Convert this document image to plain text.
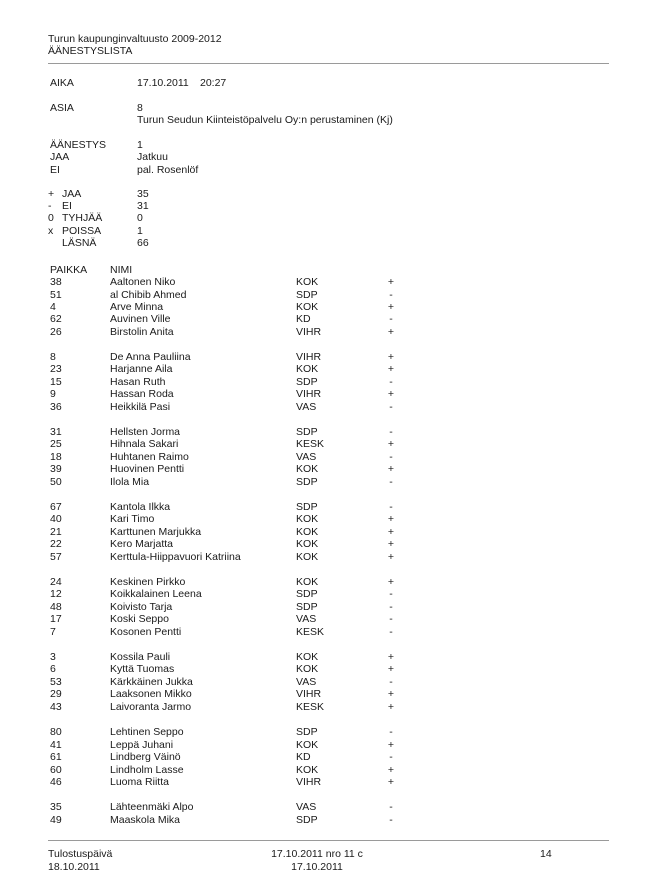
Turun kaupunginvaltuusto 2009-2012
ÄÄNESTYSLISTA
AIKA	17.10.2011 20:27
ASIA	8
Turun Seudun Kiinteistöpalvelu Oy:n perustaminen (Kj)
ÄÄNESTYS	1
JAA	Jatkuu
EI	pal. Rosenlöf
+ JAA	35
-	EI	31
0 TYHJÄÄ	0
x POISSA	1
LÄSNÄ	66
PAIKKA NIMI
38	Aaltonen Niko	KOK	+
51	al Chibib Ahmed	SDP	-
4	Arve Minna	KOK	+
62	Auvinen Ville	KD	-
26	Birstolin Anita	VIHR	+
8	De Anna Pauliina	VIHR	+
23	Harjanne Aila	KOK	+
15	Hasan Ruth	SDP	-
9	Hassan Roda	VIHR	+
36	Heikkilä Pasi	VAS	-
31	Hellsten Jorma	SDP	-
25	Hihnala Sakari	KESK	+
18	Huhtanen Raimo	VAS	-
39	Huovinen Pentti	KOK	+
50	Ilola Mia	SDP	-
67	Kantola Ilkka	SDP	-
40	Kari Timo	KOK	+
21	Karttunen Marjukka	KOK	+
22	Kero Marjatta	KOK	+
57	Kerttula-Hiippavuori Katriina	KOK	+
24	Keskinen Pirkko	KOK	+
12	Koikkalainen Leena	SDP	-
48	Koivisto Tarja	SDP	-
17	Koski Seppo	VAS	-
7	Kosonen Pentti	KESK	-
3	Kossila Pauli	KOK	+
6	Kyttä Tuomas	KOK	+
53	Kärkkäinen Jukka	VAS	-
29	Laaksonen Mikko	VIHR	+
43	Laivoranta Jarmo	KESK	+
80	Lehtinen Seppo	SDP	-
41	Leppä Juhani	KOK	+
61	Lindberg Väinö	KD	-
60	Lindholm Lasse	KOK	+
46	Luoma Riitta	VIHR	+
35	Lähteenmäki Alpo	VAS	-
49	Maaskola Mika	SDP	-
Tulostuspäivä
18.10.2011
17.10.2011 nro 11 c
17.10.2011
14
